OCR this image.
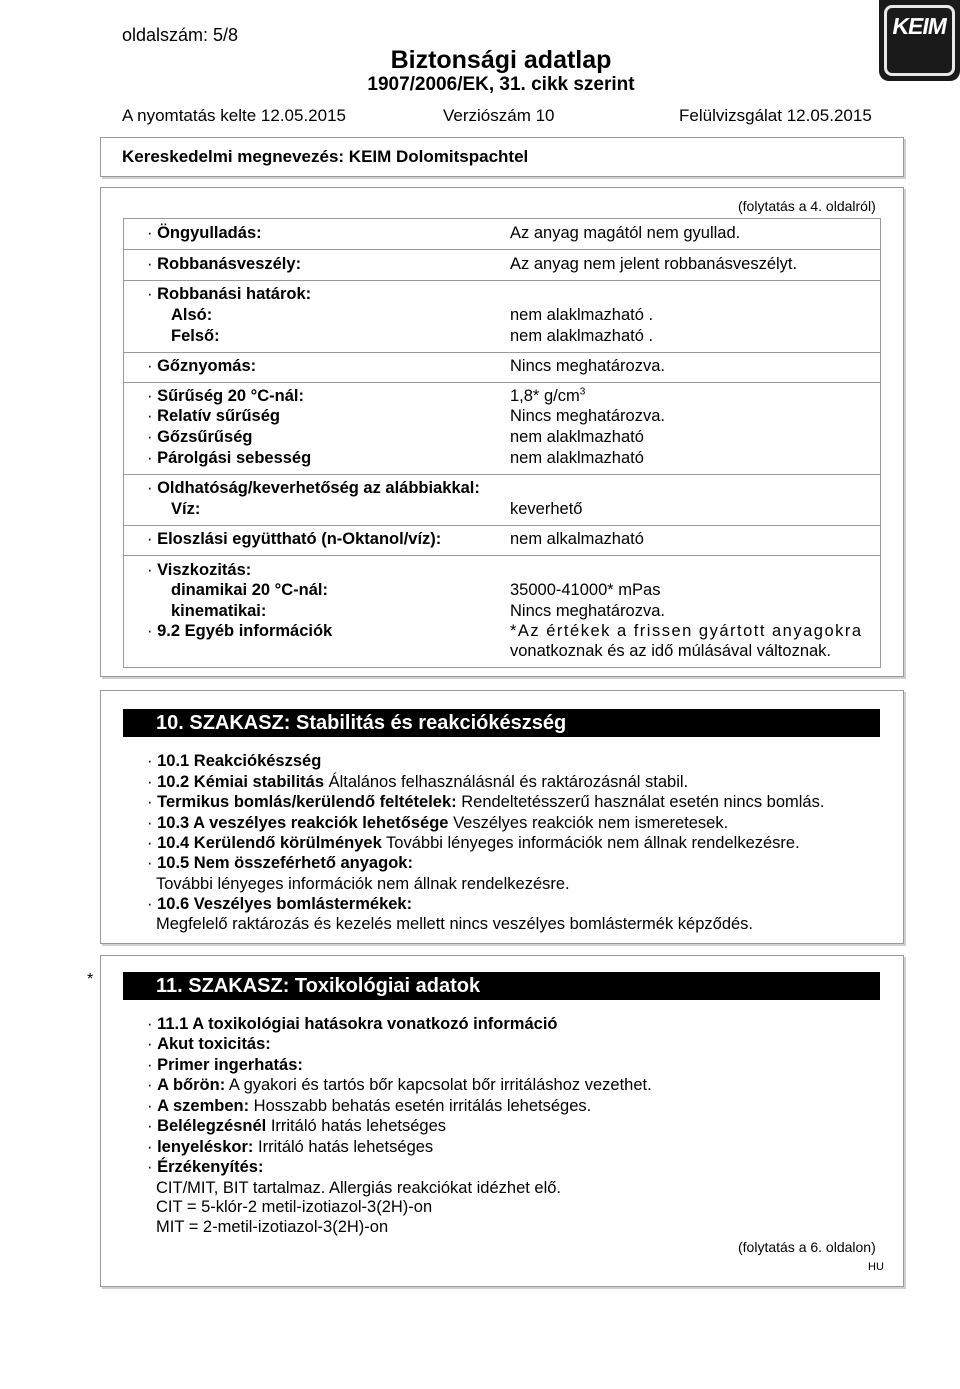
oldalszám: 5/8
Biztonsági adatlap
1907/2006/EK, 31. cikk szerint
A nyomtatás kelte 12.05.2015	Verziószám 10	Felülvizsgálat 12.05.2015
KEIM
Kereskedelmi megnevezés: KEIM Dolomitspachtel
(folytatás a 4. oldalról)
· Öngyulladás:	Az anyag magától nem gyullad.
· Robbanásveszély:	Az anyag nem jelent robbanásveszélyt.
· Robbanási határok:
Alsó:	nem alaklmazható .
Felső:	nem alaklmazható .
· Gőznyomás:	Nincs meghatározva.
· Sűrűség 20 °C-nál:	1,8* $g/cm^3$
· Relatív sűrűség	Nincs meghatározva.
· Gőzsűrűség	nem alaklmazható
· Párolgási sebesség	nem alaklmazható
· Oldhatóság/keverhetőség az alábbiakkal:
Víz:	keverhető
· Eloszlási együttható (n-Oktanol/víz):	nem alkalmazható
· Viszkozitás:
dinamikai 20 °C-nál:	35000-41000* mPas
kinematikai:	Nincs meghatározva.
· 9.2 Egyéb információk	*Az értékek a frissen gyártott anyagokra
vonatkoznak és az idő múlásával változnak.
10. SZAKASZ: Stabilitás és reakciókészség
· 10.1 Reakciókészség
· 10.2 Kémiai stabilitás Általános felhasználásnál és raktározásnál stabil.
· Termikus bomlás/kerülendő feltételek: Rendeltetésszerű használat esetén nincs bomlás.
· 10.3 A veszélyes reakciók lehetősége Veszélyes reakciók nem ismeretesek.
· 10.4 Kerülendő körülmények További lényeges információk nem állnak rendelkezésre.
· 10.5 Nem összeférhető anyagok:
További lényeges információk nem állnak rendelkezésre.
· 10.6 Veszélyes bomlástermékek:
Megfelelő raktározás és kezelés mellett nincs veszélyes bomlástermék képződés.
*	11. SZAKASZ: Toxikológiai adatok
· 11.1 A toxikológiai hatásokra vonatkozó információ
· Akut toxicitás:
· Primer ingerhatás:
· A bőrön: A gyakori és tartós bőr kapcsolat bőr irritáláshoz vezethet.
· A szemben: Hosszabb behatás esetén irritálás lehetséges.
· Belélegzésnél Irritáló hatás lehetséges
· lenyeléskor: Irritáló hatás lehetséges
· Érzékenyítés:
CIT/MIT, BIT tartalmaz. Allergiás reakciókat idézhet elő.
CIT = 5-klór-2 metil-izotiazol-3(2H)-on
MIT = 2-metil-izotiazol-3(2H)-on
(folytatás a 6. oldalon)
HU
